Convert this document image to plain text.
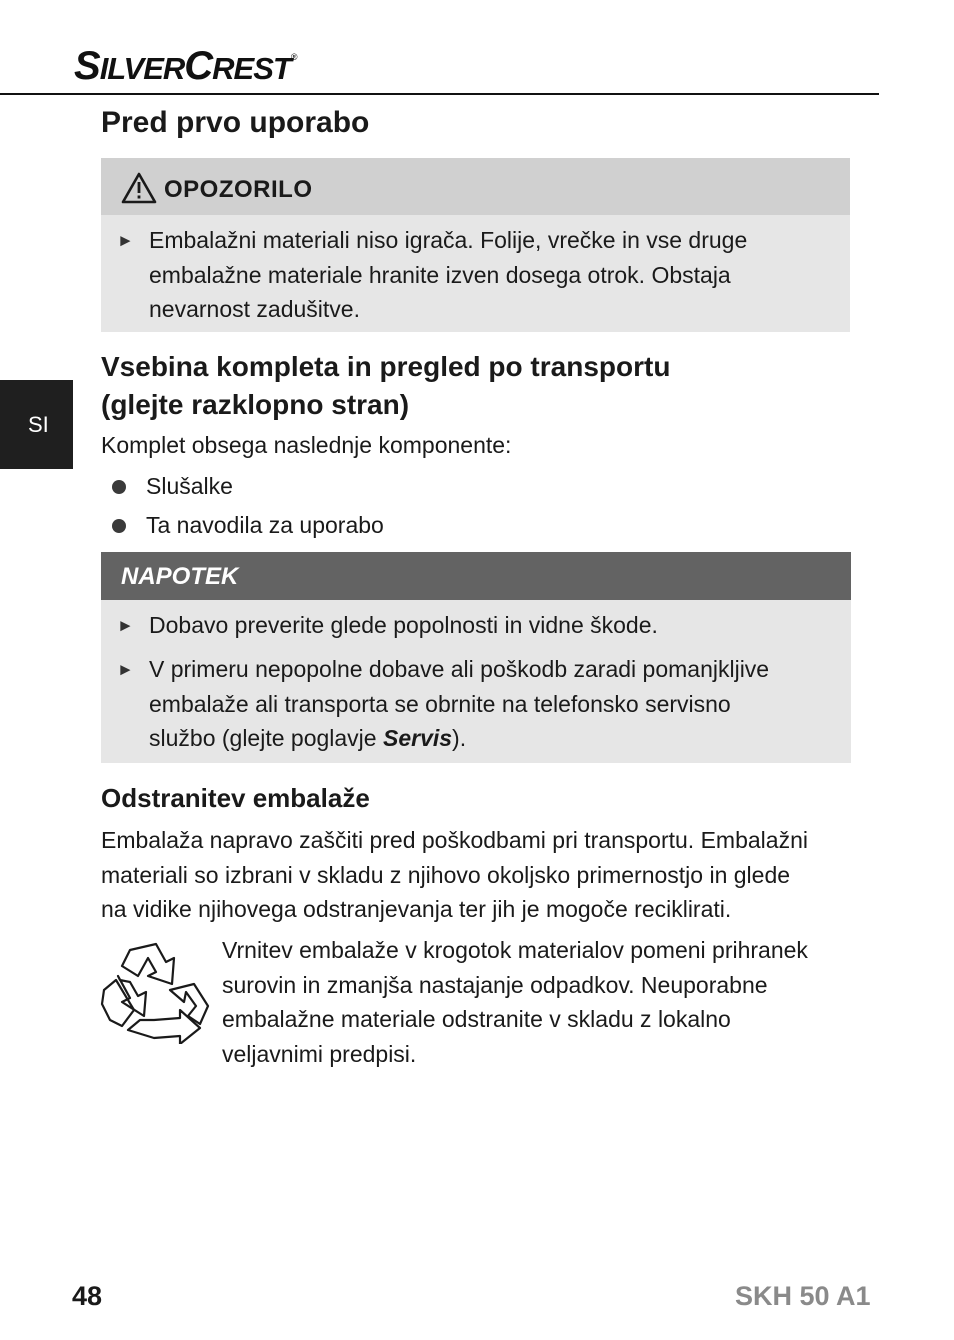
SILVERCREST®
SI
Pred prvo uporabo
OPOZORILO
► Embalažni materiali niso igrača. Folije, vrečke in vse druge
embalažne materiale hranite izven dosega otrok. Obstaja
nevarnost zadušitve.
Vsebina kompleta in pregled po transportu
(glejte razklopno stran)
Komplet obsega naslednje komponente:
Slušalke
Ta navodila za uporabo
NAPOTEK
► Dobavo preverite glede popolnosti in vidne škode.
► V primeru nepopolne dobave ali poškodb zaradi pomanjkljive
embalaže ali transporta se obrnite na telefonsko servisno
službo (glejte poglavje Servis).
Odstranitev embalaže
Embalaža napravo zaščiti pred poškodbami pri transportu. Embalažni
materiali so izbrani v skladu z njihovo okoljsko primernostjo in glede
na vidike njihovega odstranjevanja ter jih je mogoče reciklirati.
Vrnitev embalaže v krogotok materialov pomeni prihranek
surovin in zmanjša nastajanje odpadkov. Neuporabne
embalažne materiale odstranite v skladu z lokalno
veljavnimi predpisi.
48	SKH 50 A1
